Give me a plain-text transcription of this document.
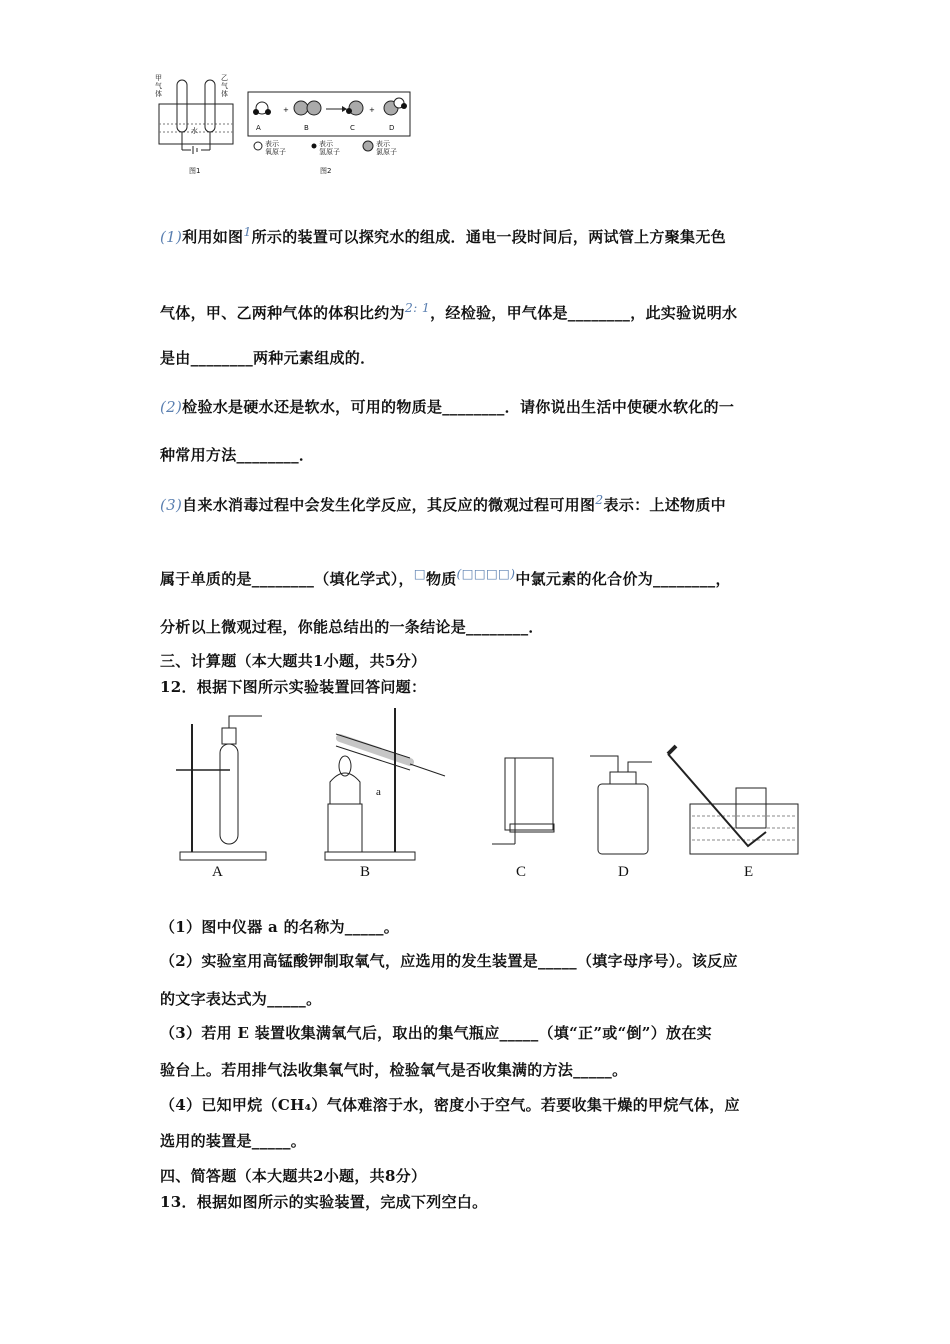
甲
气
体
乙
气
体
水
图1
+	+
A	B	C	D
表示
氧原子
表示
氢原子
表示
氯原子
图2
(1)利用如图$^1$所示的装置可以探究水的组成．通电一段时间后，两试管上方聚集无色
气体，甲、乙两种气体的体积比约为$^{2: 1}$，经检验，甲气体是________，此实验说明水
是由________两种元素组成的．
(2)检验水是硬水还是软水，可用的物质是________．请你说出生活中使硬水软化的一
种常用方法________．
(3)自来水消毒过程中会发生化学反应，其反应的微观过程可用图$^2$表示：上述物质中
属于单质的是________（填化学式），□物质(□□□□)中氯元素的化合价为________，
分析以上微观过程，你能总结出的一条结论是________．
三、计算题（本大题共1小题，共5分）
12．根据下图所示实验装置回答问题：
A	B	C	D	E
a
（1）图中仪器 a 的名称为_____。
（2）实验室用高锰酸钾制取氧气，应选用的发生装置是_____（填字母序号）。该反应
的文字表达式为_____。
（3）若用 E 装置收集满氧气后，取出的集气瓶应_____（填“正”或“倒”）放在实
验台上。若用排气法收集氧气时，检验氧气是否收集满的方法_____。
（4）已知甲烷（CH₄）气体难溶于水，密度小于空气。若要收集干燥的甲烷气体，应
选用的装置是_____。
四、简答题（本大题共2小题，共8分）
13．根据如图所示的实验装置，完成下列空白。
